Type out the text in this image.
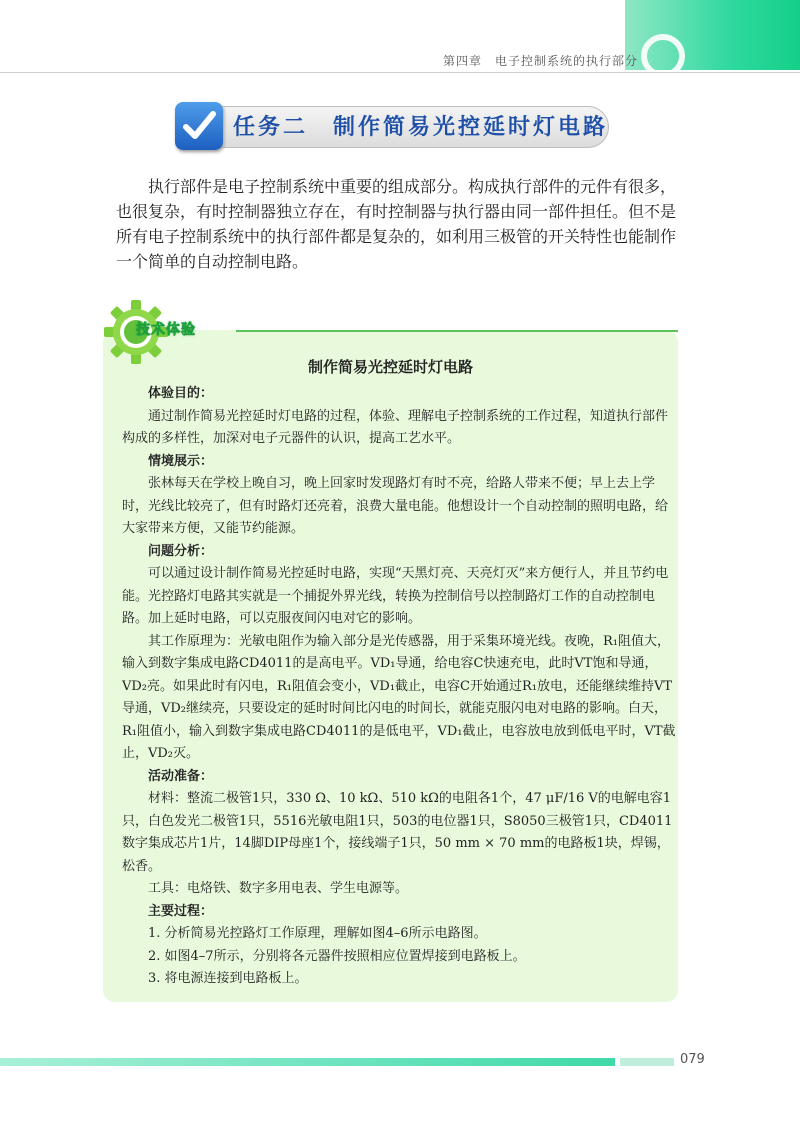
第四章　电子控制系统的执行部分
任务二　制作简易光控延时灯电路

执行部件是电子控制系统中重要的组成部分。构成执行部件的元件有很多，也很复杂，有时控制器独立存在，有时控制器与执行器由同一部件担任。但不是所有电子控制系统中的执行部件都是复杂的，如利用三极管的开关特性也能制作一个简单的自动控制电路。

技术体验
制作简易光控延时灯电路
体验目的：

通过制作简易光控延时灯电路的过程，体验、理解电子控制系统的工作过程，知道执行部件构成的多样性，加深对电子元器件的认识，提高工艺水平。

情境展示：

张林每天在学校上晚自习，晚上回家时发现路灯有时不亮，给路人带来不便；早上去上学时，光线比较亮了，但有时路灯还亮着，浪费大量电能。他想设计一个自动控制的照明电路，给大家带来方便，又能节约能源。

问题分析：

可以通过设计制作简易光控延时电路，实现“天黑灯亮、天亮灯灭”来方便行人，并且节约电能。光控路灯电路其实就是一个捕捉外界光线，转换为控制信号以控制路灯工作的自动控制电路。加上延时电路，可以克服夜间闪电对它的影响。

其工作原理为：光敏电阻作为输入部分是光传感器，用于采集环境光线。夜晚，R₁阻值大，输入到数字集成电路CD4011的是高电平。VD₁导通，给电容C快速充电，此时VT饱和导通，VD₂亮。如果此时有闪电，R₁阻值会变小，VD₁截止，电容C开始通过R₁放电，还能继续维持VT导通，VD₂继续亮，只要设定的延时时间比闪电的时间长，就能克服闪电对电路的影响。白天，R₁阻值小，输入到数字集成电路CD4011的是低电平，VD₁截止，电容放电放到低电平时，VT截止，VD₂灭。

活动准备：

材料：整流二极管1只，330 Ω、10 kΩ、510 kΩ的电阻各1个，47 μF/16 V的电解电容1只，白色发光二极管1只，5516光敏电阻1只，503的电位器1只，S8050三极管1只，CD4011数字集成芯片1片，14脚DIP母座1个，接线端子1只，50 mm × 70 mm的电路板1块，焊锡，松香。

工具：电烙铁、数字多用电表、学生电源等。

主要过程：

1. 分析简易光控路灯工作原理，理解如图4–6所示电路图。

2. 如图4–7所示，分别将各元器件按照相应位置焊接到电路板上。

3. 将电源连接到电路板上。

079
